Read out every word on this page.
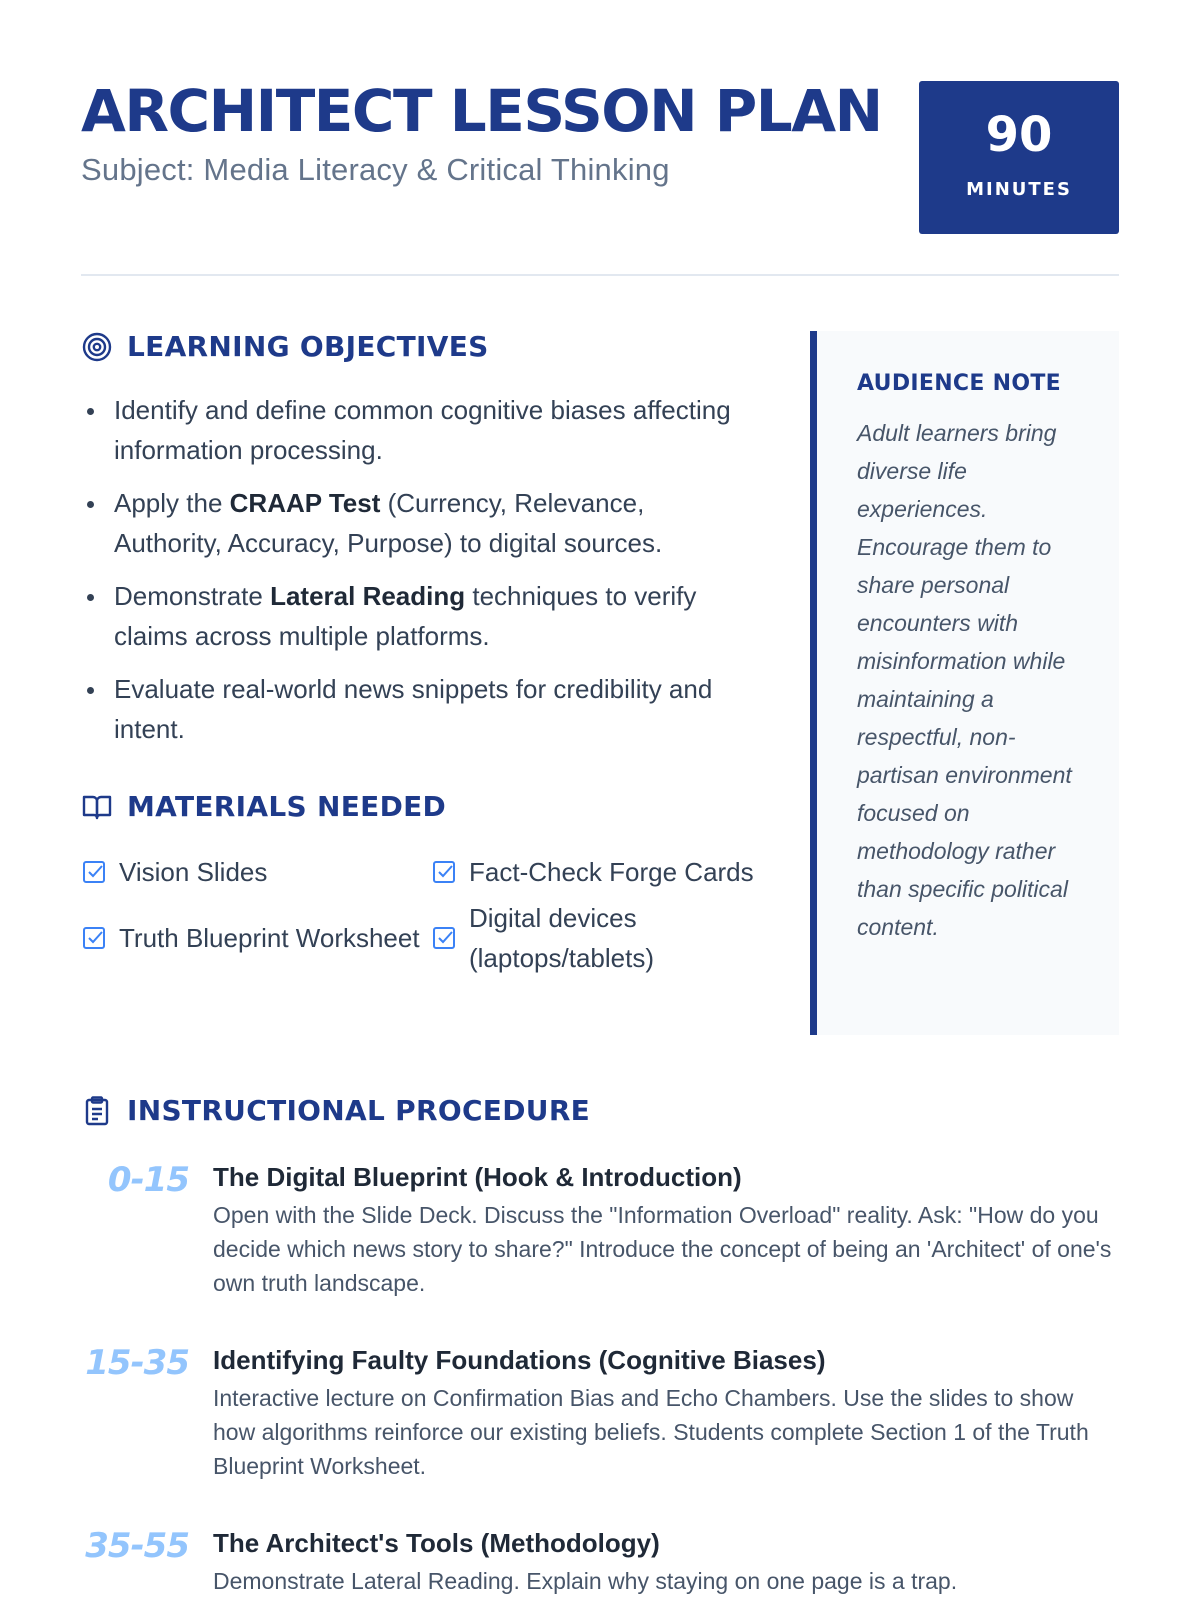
ARCHITECT LESSON PLAN
Subject: Media Literacy & Critical Thinking
90
MINUTES
LEARNING OBJECTIVES
Identify and define common cognitive biases affecting information processing.
Apply the CRAAP Test (Currency, Relevance, Authority, Accuracy, Purpose) to digital sources.
Demonstrate Lateral Reading techniques to verify claims across multiple platforms.
Evaluate real-world news snippets for credibility and intent.
MATERIALS NEEDED
Vision Slides	Fact-Check Forge Cards
Truth Blueprint Worksheet
Digital devices (laptops/tablets)
AUDIENCE NOTE

Adult learners bring diverse life experiences. Encourage them to share personal encounters with misinformation while maintaining a respectful, non-partisan environment focused on methodology rather than specific political content.

INSTRUCTIONAL PROCEDURE
0-15 The Digital Blueprint (Hook & Introduction)
Open with the Slide Deck. Discuss the "Information Overload" reality. Ask: "How do you decide which news story to share?" Introduce the concept of being an 'Architect' of one's own truth landscape.
15-35 Identifying Faulty Foundations (Cognitive Biases)
Interactive lecture on Confirmation Bias and Echo Chambers. Use the slides to show how algorithms reinforce our existing beliefs. Students complete Section 1 of the Truth Blueprint Worksheet.
35-55 The Architect's Tools (Methodology)
Demonstrate Lateral Reading. Explain why staying on one page is a trap.
